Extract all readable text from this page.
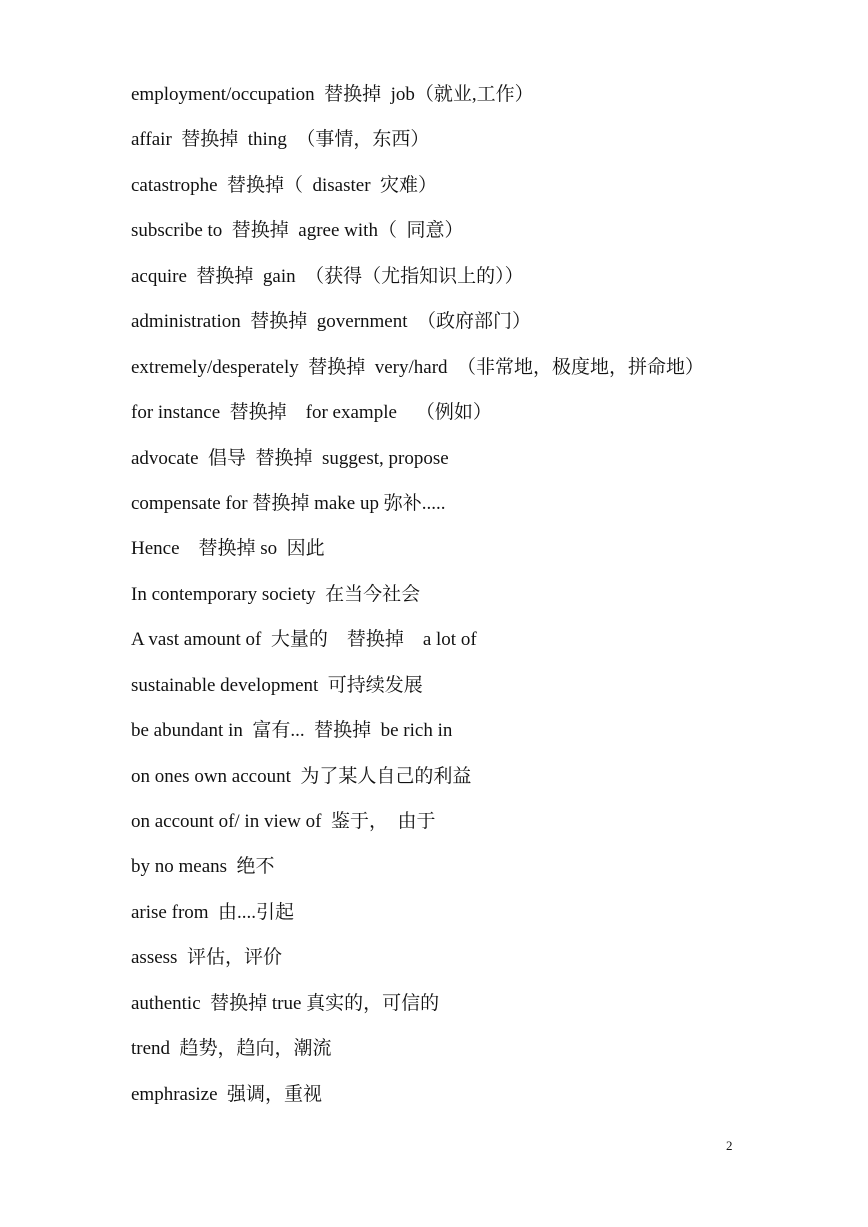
employment/occupation  替换掉  job（就业,工作）
affair  替换掉  thing  （事情，东西）
catastrophe  替换掉（  disaster  灾难）
subscribe to  替换掉  agree with（  同意）
acquire  替换掉  gain  （获得（尤指知识上的））
administration  替换掉  government  （政府部门）
extremely/desperately  替换掉  very/hard  （非常地，极度地，拼命地）
for instance  替换掉    for example    （例如）
advocate  倡导  替换掉  suggest, propose
compensate for 替换掉 make up 弥补.....
Hence    替换掉 so  因此
In contemporary society  在当今社会
A vast amount of  大量的    替换掉    a lot of
sustainable development  可持续发展
be abundant in  富有...  替换掉  be rich in
on ones own account  为了某人自己的利益
on account of/ in view of  鉴于，  由于
by no means  绝不
arise from  由....引起
assess  评估，评价
authentic  替换掉 true 真实的，可信的
trend  趋势，趋向，潮流
emphrasize  强调，重视
2
